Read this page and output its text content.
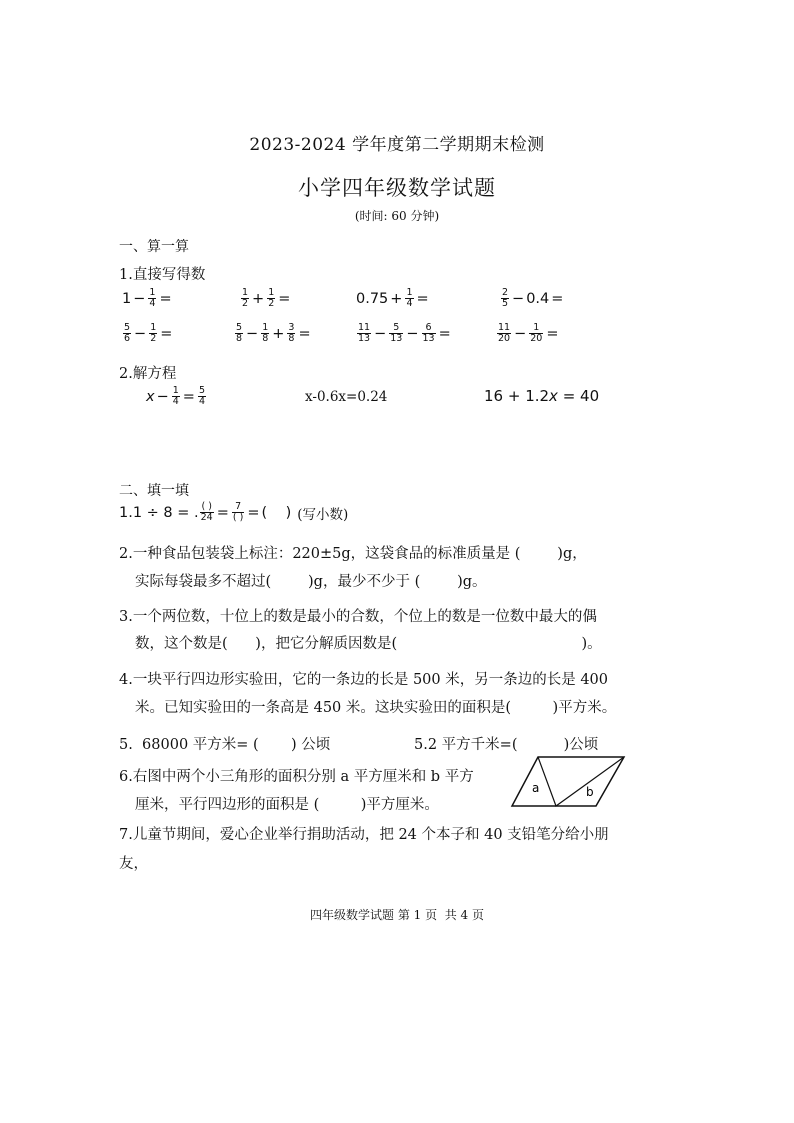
2023-2024 学年度第二学期期末检测
小学四年级数学试题
(时间: 60 分钟)
一、算一算
1.直接写得数
$1 - \frac{1}{4}$ =	$\frac{1}{2} + \frac{1}{2}$ =	$0.75 + \frac{1}{4}$ =	$\frac{2}{5} - 0.4$ =
$\frac{5}{6} - \frac{1}{2}$ =	$\frac{5}{8} - \frac{1}{8} + \frac{3}{8}$ =	$\frac{11}{13} - \frac{5}{13} - \frac{6}{13}$ =	$\frac{11}{20} - \frac{1}{20}$ =
2.解方程
$x - \frac{1}{4} = \frac{5}{4}$	x-0.6x=0.24	16 + 1.2 x = 40
二、填一填
1.1 ÷ 8 = . $\frac{( )}{24} = \frac{7}{( )}$ = (    ) (写小数)
2.一种食品包装袋上标注：220±5g，这袋食品的标准质量是 (        )g，
实际每袋最多不超过(        )g，最少不少于 (        )g。
3.一个两位数，十位上的数是最小的合数，个位上的数是一位数中最大的偶
数，这个数是(      )，把它分解质因数是(                                        )。
4.一块平行四边形实验田，它的一条边的长是 500 米，另一条边的长是 400
米。已知实验田的一条高是 450 米。这块实验田的面积是(         )平方米。
5.  68000 平方米= (       ) 公顷	5.2 平方千米=(          )公顷
6.右图中两个小三角形的面积分别 a 平方厘米和 b 平方
厘米，平行四边形的面积是 (         )平方厘米。
a	b
7.儿童节期间，爱心企业举行捐助活动，把 24 个本子和 40 支铅笔分给小朋
友，
四年级数学试题 第 1 页  共 4 页
